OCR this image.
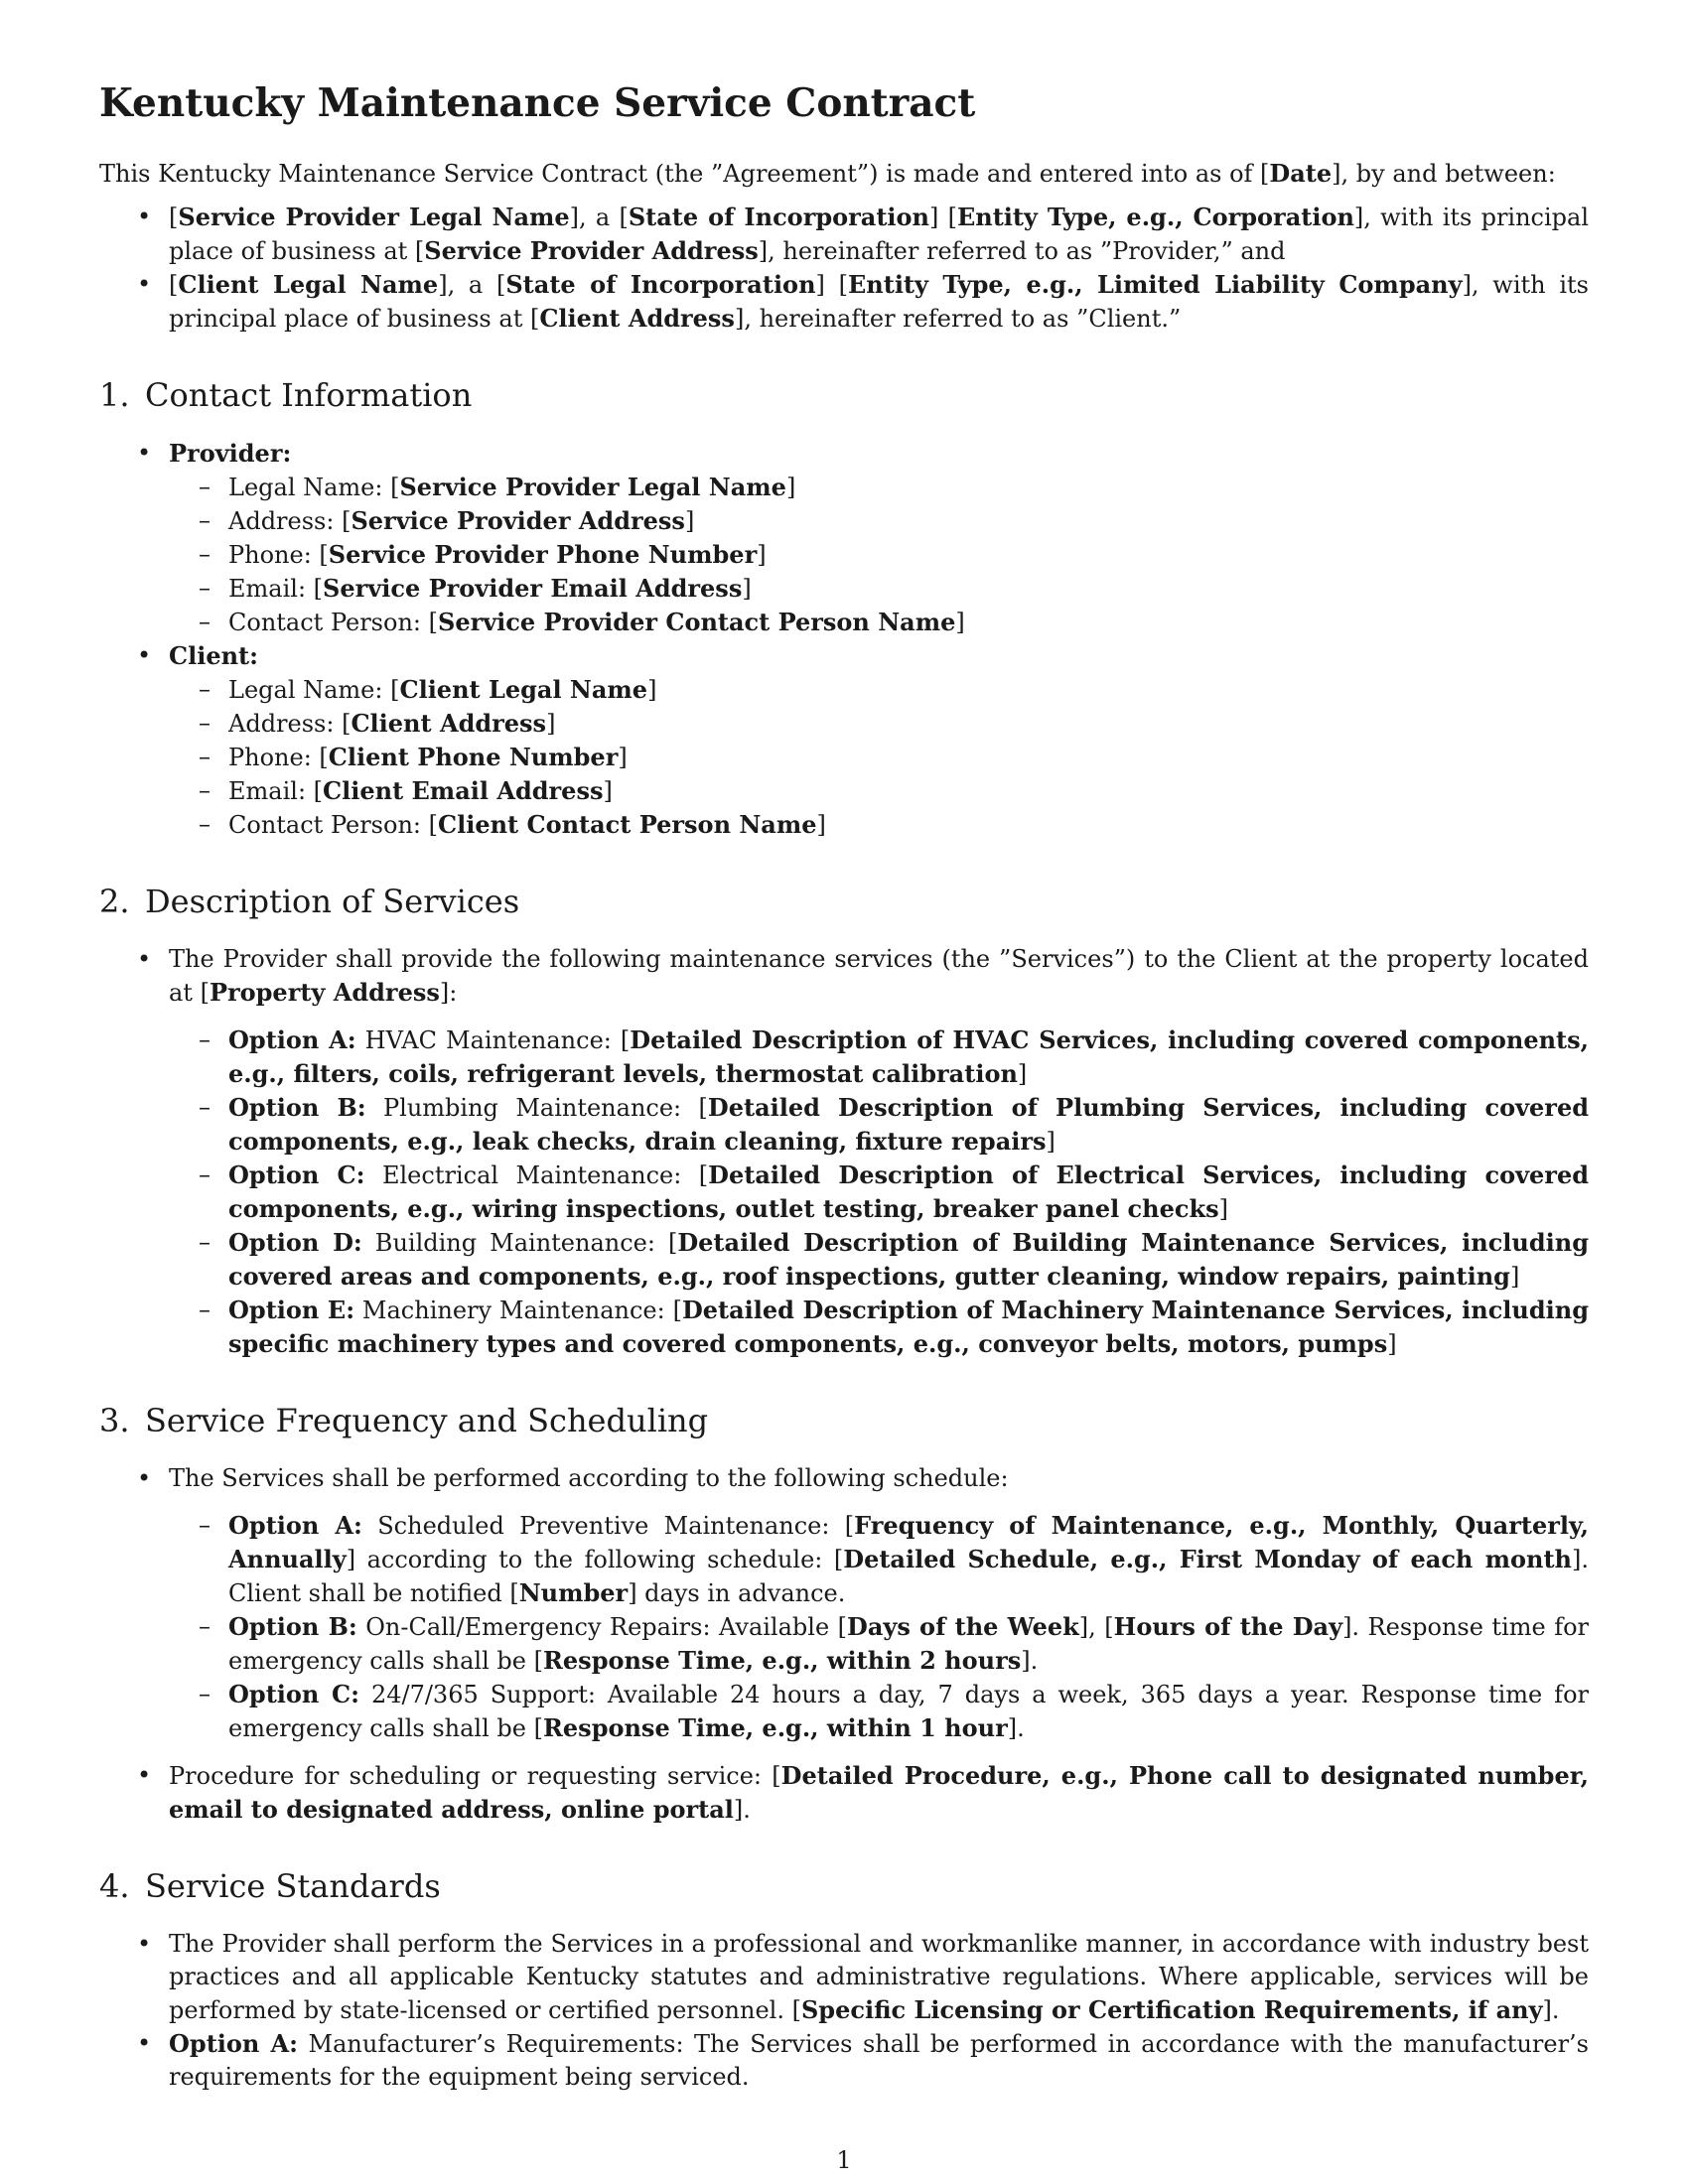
Kentucky Maintenance Service Contract

This Kentucky Maintenance Service Contract (the ”Agreement”) is made and entered into as of [Date], by and between:

• [Service Provider Legal Name], a [State of Incorporation] [Entity Type, e.g., Corporation], with its principal place of business at [Service Provider Address], hereinafter referred to as ”Provider,” and
• [Client Legal Name], a [State of Incorporation] [Entity Type, e.g., Limited Liability Company], with its principal place of business at [Client Address], hereinafter referred to as ”Client.”
1. Contact Information
• Provider:
– Legal Name: [Service Provider Legal Name]
– Address: [Service Provider Address]
– Phone: [Service Provider Phone Number]
– Email: [Service Provider Email Address]
– Contact Person: [Service Provider Contact Person Name]
• Client:
– Legal Name: [Client Legal Name]
– Address: [Client Address]
– Phone: [Client Phone Number]
– Email: [Client Email Address]
– Contact Person: [Client Contact Person Name]
2. Description of Services
• The Provider shall provide the following maintenance services (the ”Services”) to the Client at the property located at [Property Address]:
– Option A: HVAC Maintenance: [Detailed Description of HVAC Services, including covered components, e.g., filters, coils, refrigerant levels, thermostat calibration]
– Option B: Plumbing Maintenance: [Detailed Description of Plumbing Services, including covered components, e.g., leak checks, drain cleaning, fixture repairs]
– Option C: Electrical Maintenance: [Detailed Description of Electrical Services, including covered components, e.g., wiring inspections, outlet testing, breaker panel checks]
– Option D: Building Maintenance: [Detailed Description of Building Maintenance Services, including covered areas and components, e.g., roof inspections, gutter cleaning, window repairs, painting]
– Option E: Machinery Maintenance: [Detailed Description of Machinery Maintenance Services, including specific machinery types and covered components, e.g., conveyor belts, motors, pumps]
3. Service Frequency and Scheduling
• The Services shall be performed according to the following schedule:
– Option A: Scheduled Preventive Maintenance: [Frequency of Maintenance, e.g., Monthly, Quarterly, Annually] according to the following schedule: [Detailed Schedule, e.g., First Monday of each month]. Client shall be notified [Number] days in advance.
– Option B: On-Call/Emergency Repairs: Available [Days of the Week], [Hours of the Day]. Response time for emergency calls shall be [Response Time, e.g., within 2 hours].
– Option C: 24/7/365 Support: Available 24 hours a day, 7 days a week, 365 days a year. Response time for emergency calls shall be [Response Time, e.g., within 1 hour].
• Procedure for scheduling or requesting service: [Detailed Procedure, e.g., Phone call to designated number, email to designated address, online portal].
4. Service Standards
• The Provider shall perform the Services in a professional and workmanlike manner, in accordance with industry best practices and all applicable Kentucky statutes and administrative regulations. Where applicable, services will be performed by state-licensed or certified personnel. [Specific Licensing or Certification Requirements, if any].
• Option A: Manufacturer’s Requirements: The Services shall be performed in accordance with the manufacturer’s requirements for the equipment being serviced.
1
